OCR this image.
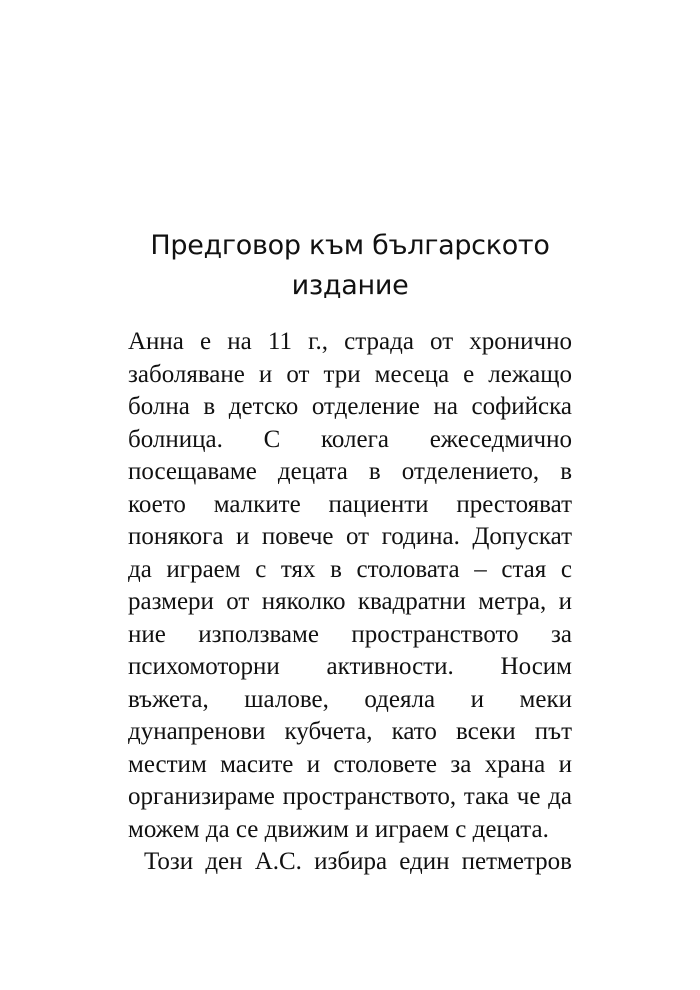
Предговор към българското
издание
Анна е на 11 г., страда от хронично
заболяване и от три месеца е лежащо
болна в детско отделение на софийска
болница. С колега ежеседмично
посещаваме децата в отделението, в
което малките пациенти престояват
понякога и повече от година. Допускат
да играем с тях в столовата – стая с
размери от няколко квадратни метра, и
ние използваме пространството за
психомоторни активности. Носим
въжета, шалове, одеяла и меки
дунапренови кубчета, като всеки път
местим масите и столовете за храна и
организираме пространството, така че да
можем да се движим и играем с децата.
Този ден А.С. избира един петметров
